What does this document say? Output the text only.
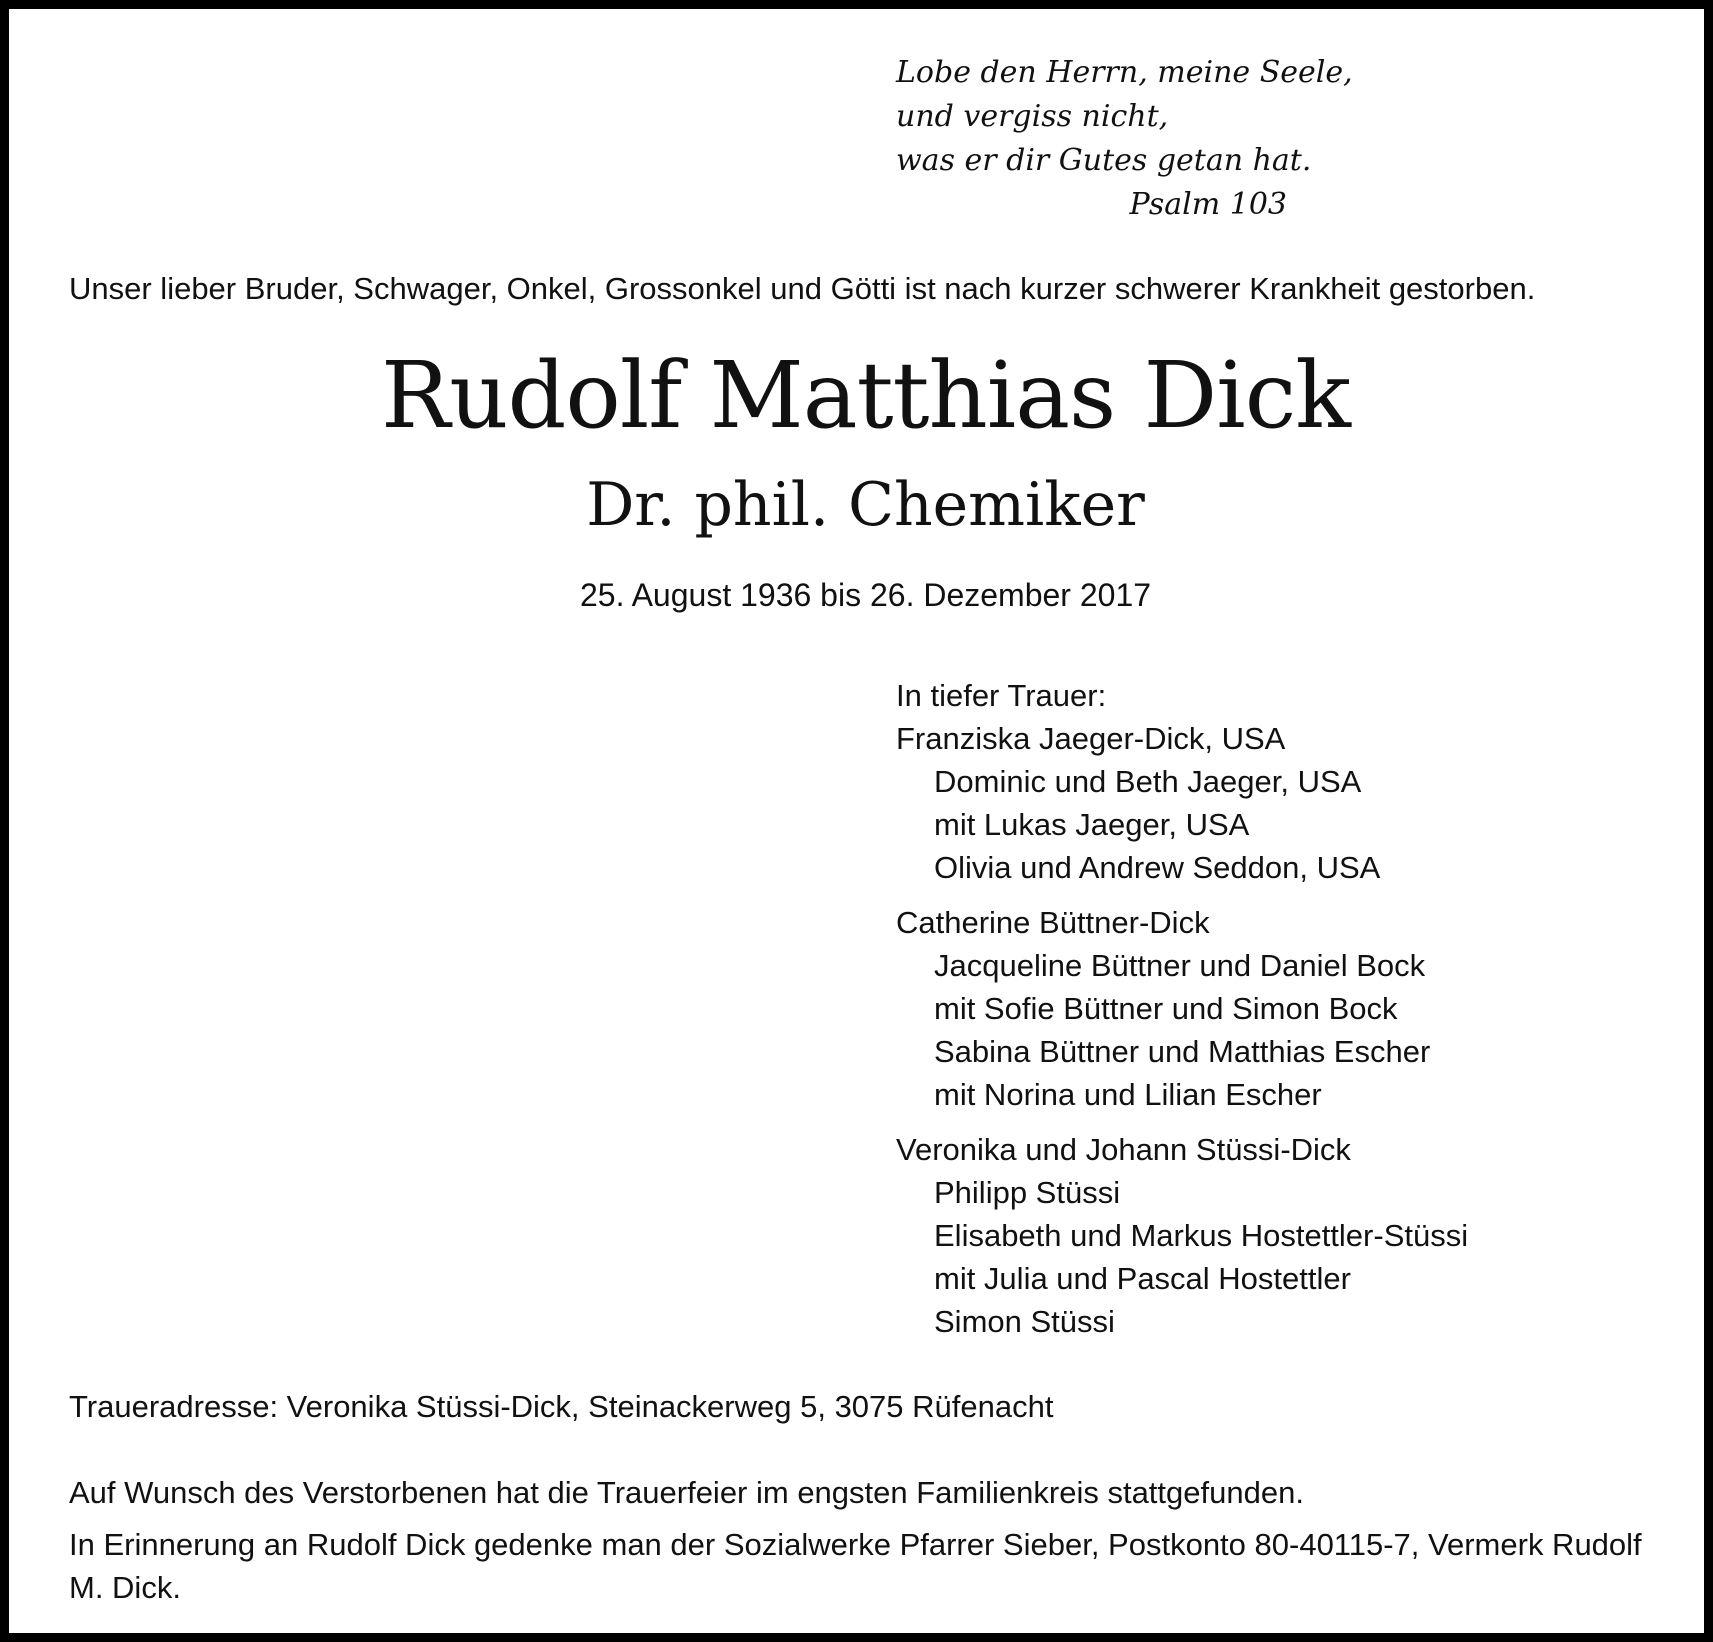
Lobe den Herrn, meine Seele,
und vergiss nicht,
was er dir Gutes getan hat.
Psalm 103
Unser lieber Bruder, Schwager, Onkel, Grossonkel und Götti ist nach kurzer schwerer Krankheit gestorben.
Rudolf Matthias Dick
Dr. phil. Chemiker
25. August 1936 bis 26. Dezember 2017
In tiefer Trauer:
Franziska Jaeger-Dick, USA
Dominic und Beth Jaeger, USA
mit Lukas Jaeger, USA
Olivia und Andrew Seddon, USA
Catherine Büttner-Dick
Jacqueline Büttner und Daniel Bock
mit Sofie Büttner und Simon Bock
Sabina Büttner und Matthias Escher
mit Norina und Lilian Escher
Veronika und Johann Stüssi-Dick
Philipp Stüssi
Elisabeth und Markus Hostettler-Stüssi
mit Julia und Pascal Hostettler
Simon Stüssi
Traueradresse: Veronika Stüssi-Dick, Steinackerweg 5, 3075 Rüfenacht
Auf Wunsch des Verstorbenen hat die Trauerfeier im engsten Familienkreis stattgefunden.
In Erinnerung an Rudolf Dick gedenke man der Sozialwerke Pfarrer Sieber, Postkonto 80-40115-7, Vermerk Rudolf M. Dick.
